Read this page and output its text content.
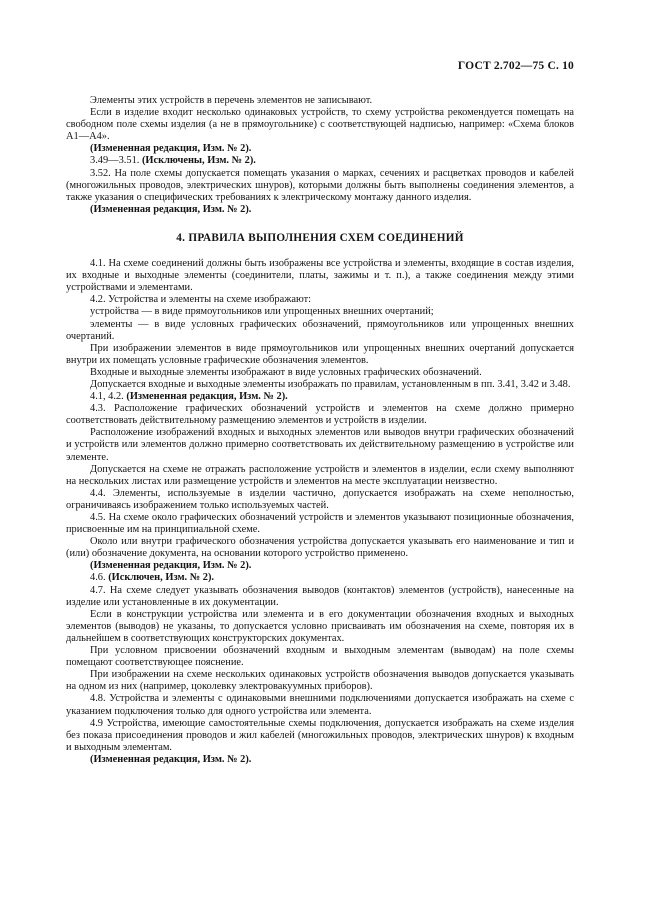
ГОСТ 2.702—75 С. 10

Элементы этих устройств в перечень элементов не записывают.

Если в изделие входит несколько одинаковых устройств, то схему устройства рекомендуется помещать на свободном поле схемы изделия (а не в прямоугольнике) с соответствующей надписью, например: «Схема блоков А1—А4».

(Измененная редакция, Изм. № 2).

3.49—3.51. (Исключены, Изм. № 2).

3.52. На поле схемы допускается помещать указания о марках, сечениях и расцветках проводов и кабелей (многожильных проводов, электрических шнуров), которыми должны быть выполнены соединения элементов, а также указания о специфических требованиях к электрическому монтажу данного изделия.

(Измененная редакция, Изм. № 2).

4. ПРАВИЛА ВЫПОЛНЕНИЯ СХЕМ СОЕДИНЕНИЙ

4.1. На схеме соединений должны быть изображены все устройства и элементы, входящие в состав изделия, их входные и выходные элементы (соединители, платы, зажимы и т. п.), а также соединения между этими устройствами и элементами.

4.2. Устройства и элементы на схеме изображают:

устройства — в виде прямоугольников или упрощенных внешних очертаний;

элементы — в виде условных графических обозначений, прямоугольников или упрощенных внешних очертаний.

При изображении элементов в виде прямоугольников или упрощенных внешних очертаний допускается внутри их помещать условные графические обозначения элементов.

Входные и выходные элементы изображают в виде условных графических обозначений.

Допускается входные и выходные элементы изображать по правилам, установленным в пп. 3.41, 3.42 и 3.48.

4.1, 4.2. (Измененная редакция, Изм. № 2).

4.3. Расположение графических обозначений устройств и элементов на схеме должно примерно соответствовать действительному размещению элементов и устройств в изделии.

Расположение изображений входных и выходных элементов или выводов внутри графических обозначений и устройств или элементов должно примерно соответствовать их действительному размещению в устройстве или элементе.

Допускается на схеме не отражать расположение устройств и элементов в изделии, если схему выполняют на нескольких листах или размещение устройств и элементов на месте эксплуатации неизвестно.

4.4. Элементы, используемые в изделии частично, допускается изображать на схеме неполностью, ограничиваясь изображением только используемых частей.

4.5. На схеме около графических обозначений устройств и элементов указывают позиционные обозначения, присвоенные им на принципиальной схеме.

Около или внутри графического обозначения устройства допускается указывать его наименование и тип и (или) обозначение документа, на основании которого устройство применено.

(Измененная редакция, Изм. № 2).

4.6. (Исключен, Изм. № 2).

4.7. На схеме следует указывать обозначения выводов (контактов) элементов (устройств), нанесенные на изделие или установленные в их документации.

Если в конструкции устройства или элемента и в его документации обозначения входных и выходных элементов (выводов) не указаны, то допускается условно присваивать им обозначения на схеме, повторяя их в дальнейшем в соответствующих конструкторских документах.

При условном присвоении обозначений входным и выходным элементам (выводам) на поле схемы помещают соответствующее пояснение.

При изображении на схеме нескольких одинаковых устройств обозначения выводов допускается указывать на одном из них (например, цоколевку электровакуумных приборов).

4.8. Устройства и элементы с одинаковыми внешними подключениями допускается изображать на схеме с указанием подключения только для одного устройства или элемента.

4.9 Устройства, имеющие самостоятельные схемы подключения, допускается изображать на схеме изделия без показа присоединения проводов и жил кабелей (многожильных проводов, электрических шнуров) к входным и выходным элементам.

(Измененная редакция, Изм. № 2).
